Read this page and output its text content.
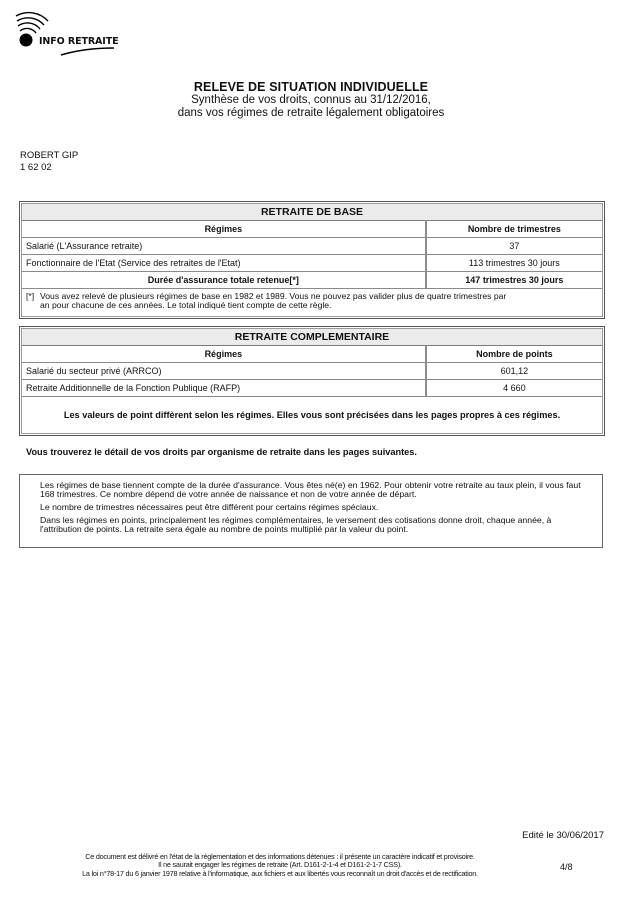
INFO RETRAITE
RELEVE DE SITUATION INDIVIDUELLE
Synthèse de vos droits, connus au 31/12/2016,
dans vos régimes de retraite légalement obligatoires
ROBERT GIP
1 62 02
RETRAITE DE BASE	
Régimes	Nombre de trimestres
Salarié (L'Assurance retraite)	37
Fonctionnaire de l'Etat (Service des retraites de l'Etat)	113 trimestres 30 jours
Durée d'assurance totale retenue[*]	147 trimestres 30 jours
[*] Vous avez relevé de plusieurs régimes de base en 1982 et 1989. Vous ne pouvez pas valider plus de quatre trimestres par
an pour chacune de ces années. Le total indiqué tient compte de cette règle.	
RETRAITE COMPLEMENTAIRE	
Régimes	Nombre de points
Salarié du secteur privé (ARRCO)	601,12
Retraite Additionnelle de la Fonction Publique (RAFP)	4 660
Les valeurs de point diffèrent selon les régimes. Elles vous sont précisées dans les pages propres à ces régimes.	
Vous trouverez le détail de vos droits par organisme de retraite dans les pages suivantes.

Les régimes de base tiennent compte de la durée d'assurance. Vous êtes né(e) en 1962. Pour obtenir votre retraite au taux plein, il vous faut 168 trimestres. Ce nombre dépend de votre année de naissance et non de votre année de départ.

Le nombre de trimestres nécessaires peut être différent pour certains régimes spéciaux.

Dans les régimes en points, principalement les régimes complémentaires, le versement des cotisations donne droit, chaque année, à l'attribution de points. La retraite sera égale au nombre de points multiplié par la valeur du point.

Edité le 30/06/2017
Ce document est délivré en l'état de la réglementation et des informations détenues : il présente un caractère indicatif et provisoire.
Il ne saurait engager les régimes de retraite (Art. D161-2-1-4 et D161-2-1-7 CSS).
La loi n°78-17 du 6 janvier 1978 relative à l'informatique, aux fichiers et aux libertés vous reconnaît un droit d'accès et de rectification.
4/8
